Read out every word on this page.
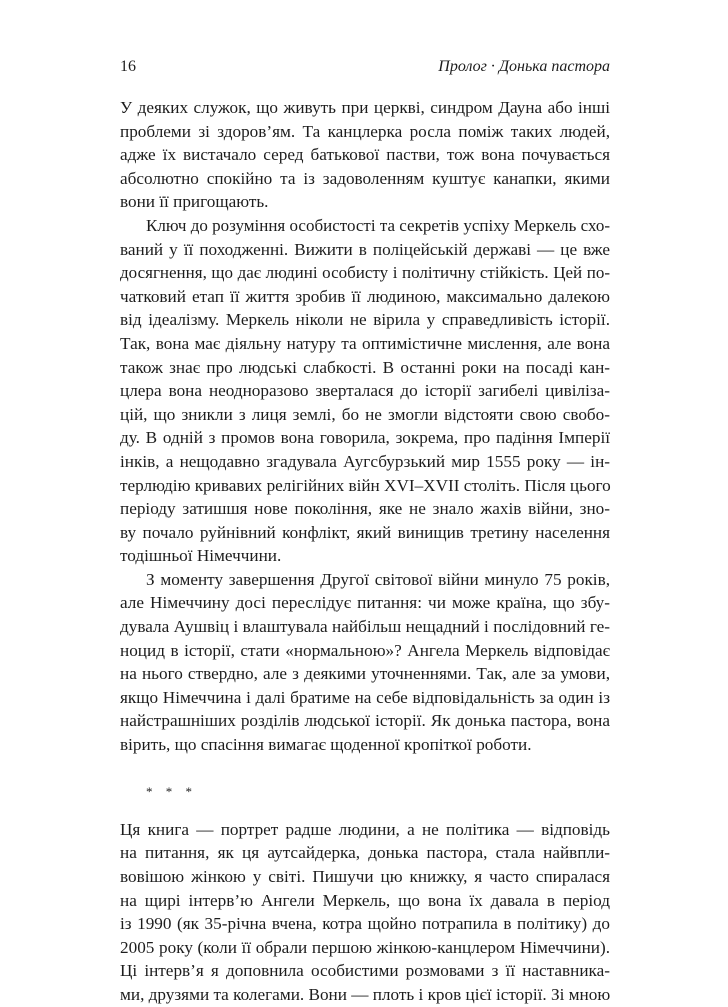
16	Пролог · Донька пастора
У деяких служок, що живуть при церкві, синдром Дауна або інші
проблеми зі здоров’ям. Та канцлерка росла поміж таких людей,
адже їх вистачало серед батькової пастви, тож вона почувається
абсолютно спокійно та із задоволенням куштує канапки, якими
вони її пригощають.
Ключ до розуміння особистості та секретів успіху Меркель схо-
ваний у її походженні. Вижити в поліцейській державі — це вже
досягнення, що дає людині особисту і політичну стійкість. Цей по-
чатковий етап її життя зробив її людиною, максимально далекою
від ідеалізму. Меркель ніколи не вірила у справедливість історії.
Так, вона має діяльну натуру та оптимістичне мислення, але вона
також знає про людські слабкості. В останні роки на посаді кан-
цлера вона неодноразово зверталася до історії загибелі цивіліза-
цій, що зникли з лиця землі, бо не змогли відстояти свою свобо-
ду. В одній з промов вона говорила, зокрема, про падіння Імперії
інків, а нещодавно згадувала Аугсбурзький мир 1555 року — ін-
терлюдію кривавих релігійних війн XVI–XVII століть. Після цього
періоду затишшя нове покоління, яке не знало жахів війни, зно-
ву почало руйнівний конфлікт, який винищив третину населення
тодішньої Німеччини.
З моменту завершення Другої світової війни минуло 75 років,
але Німеччину досі переслідує питання: чи може країна, що збу-
дувала Аушвіц і влаштувала найбільш нещадний і послідовний ге-
ноцид в історії, стати «нормальною»? Ангела Меркель відповідає
на нього ствердно, але з деякими уточненнями. Так, але за умови,
якщо Німеччина і далі братиме на себе відповідальність за один із
найстрашніших розділів людської історії. Як донька пастора, вона
вірить, що спасіння вимагає щоденної кропіткої роботи.
* * *
Ця книга — портрет радше людини, а не політика — відповідь
на питання, як ця аутсайдерка, донька пастора, стала найвпли-
вовішою жінкою у світі. Пишучи цю книжку, я часто спиралася
на щирі інтерв’ю Ангели Меркель, що вона їх давала в період
із 1990 (як 35-річна вчена, котра щойно потрапила в політику) до
2005 року (коли її обрали першою жінкою-канцлером Німеччини).
Ці інтерв’я я доповнила особистими розмовами з її наставника-
ми, друзями та колегами. Вони — плоть і кров цієї історії. Зі мною
